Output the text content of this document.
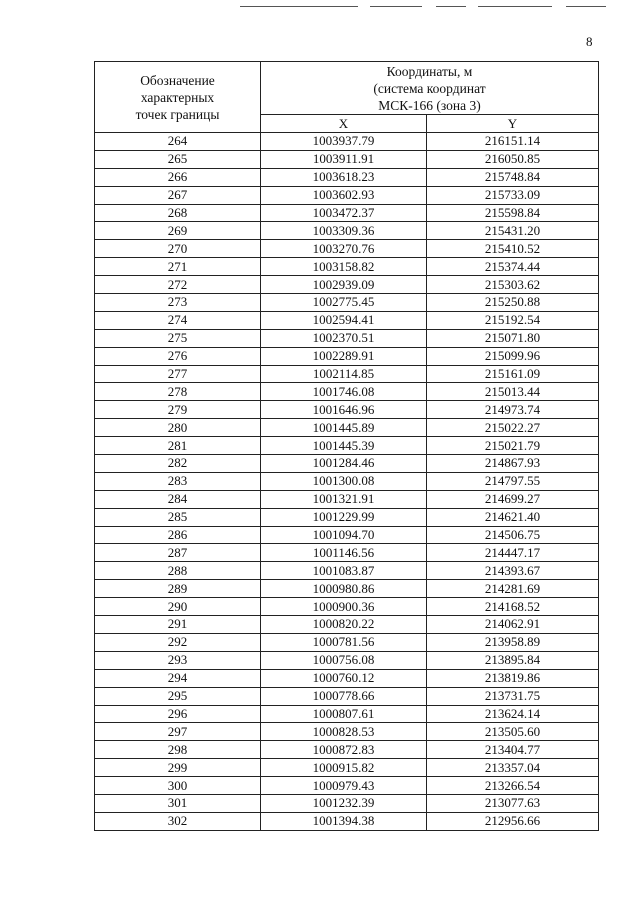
8
Обозначение
характерных
точек границы	Координаты, м
(система координат
МСК-166 (зона 3)	

	X	Y
264	1003937.79	216151.14
265	1003911.91	216050.85
266	1003618.23	215748.84
267	1003602.93	215733.09
268	1003472.37	215598.84
269	1003309.36	215431.20
270	1003270.76	215410.52
271	1003158.82	215374.44
272	1002939.09	215303.62
273	1002775.45	215250.88
274	1002594.41	215192.54
275	1002370.51	215071.80
276	1002289.91	215099.96
277	1002114.85	215161.09
278	1001746.08	215013.44
279	1001646.96	214973.74
280	1001445.89	215022.27
281	1001445.39	215021.79
282	1001284.46	214867.93
283	1001300.08	214797.55
284	1001321.91	214699.27
285	1001229.99	214621.40
286	1001094.70	214506.75
287	1001146.56	214447.17
288	1001083.87	214393.67
289	1000980.86	214281.69
290	1000900.36	214168.52
291	1000820.22	214062.91
292	1000781.56	213958.89
293	1000756.08	213895.84
294	1000760.12	213819.86
295	1000778.66	213731.75
296	1000807.61	213624.14
297	1000828.53	213505.60
298	1000872.83	213404.77
299	1000915.82	213357.04
300	1000979.43	213266.54
301	1001232.39	213077.63
302	1001394.38	212956.66
